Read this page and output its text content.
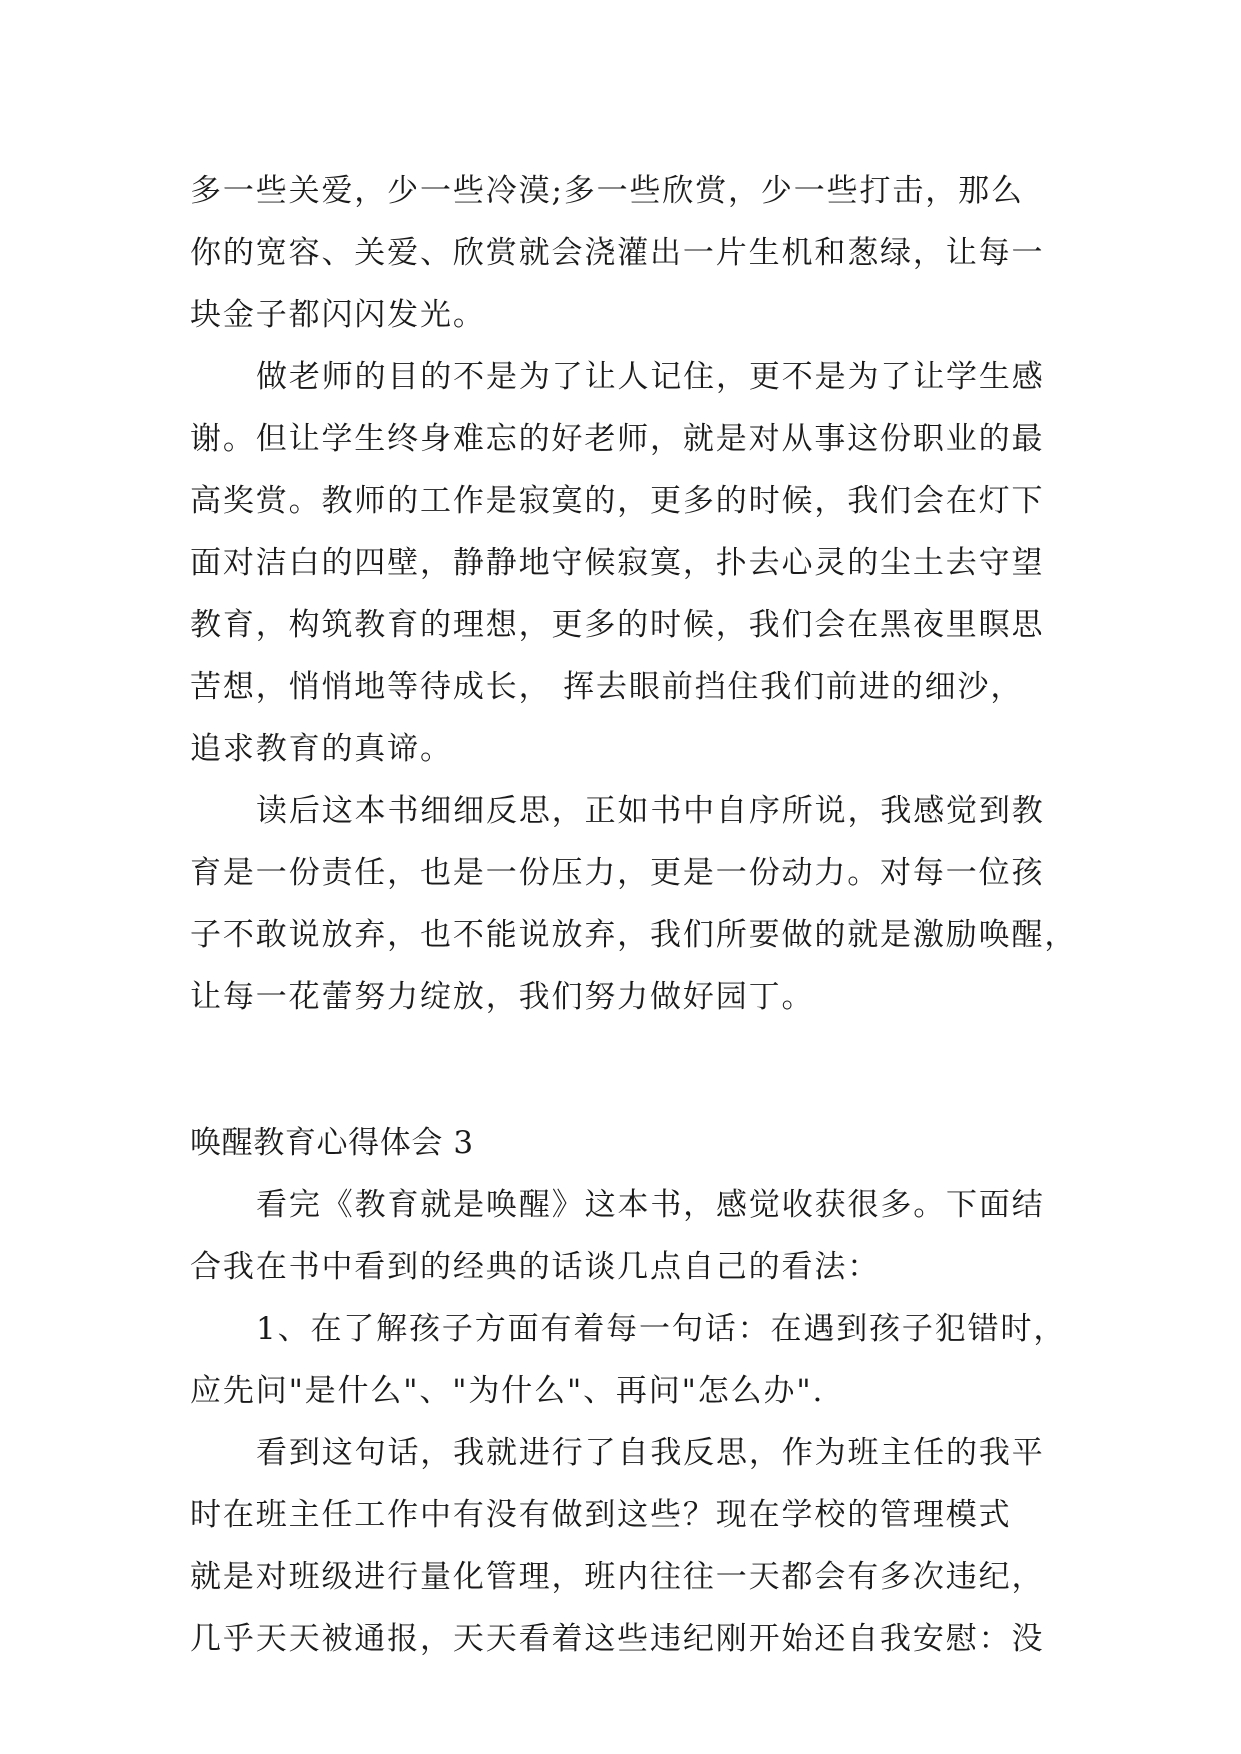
多一些关爱，少一些冷漠;多一些欣赏，少一些打击，那么
你的宽容、关爱、欣赏就会浇灌出一片生机和葱绿，让每一
块金子都闪闪发光。
做老师的目的不是为了让人记住，更不是为了让学生感
谢。但让学生终身难忘的好老师，就是对从事这份职业的最
高奖赏。教师的工作是寂寞的，更多的时候，我们会在灯下
面对洁白的四壁，静静地守候寂寞，扑去心灵的尘土去守望
教育，构筑教育的理想，更多的时候，我们会在黑夜里瞑思
苦想，悄悄地等待成长， 挥去眼前挡住我们前进的细沙，
追求教育的真谛。
读后这本书细细反思，正如书中自序所说，我感觉到教
育是一份责任，也是一份压力，更是一份动力。对每一位孩
子不敢说放弃，也不能说放弃，我们所要做的就是激励唤醒，
让每一花蕾努力绽放，我们努力做好园丁。
唤醒教育心得体会 3
看完《教育就是唤醒》这本书，感觉收获很多。下面结
合我在书中看到的经典的话谈几点自己的看法：
1、在了解孩子方面有着每一句话：在遇到孩子犯错时，
应先问"是什么"、"为什么"、再问"怎么办".
看到这句话，我就进行了自我反思，作为班主任的我平
时在班主任工作中有没有做到这些？现在学校的管理模式
就是对班级进行量化管理，班内往往一天都会有多次违纪，
几乎天天被通报，天天看着这些违纪刚开始还自我安慰：没
